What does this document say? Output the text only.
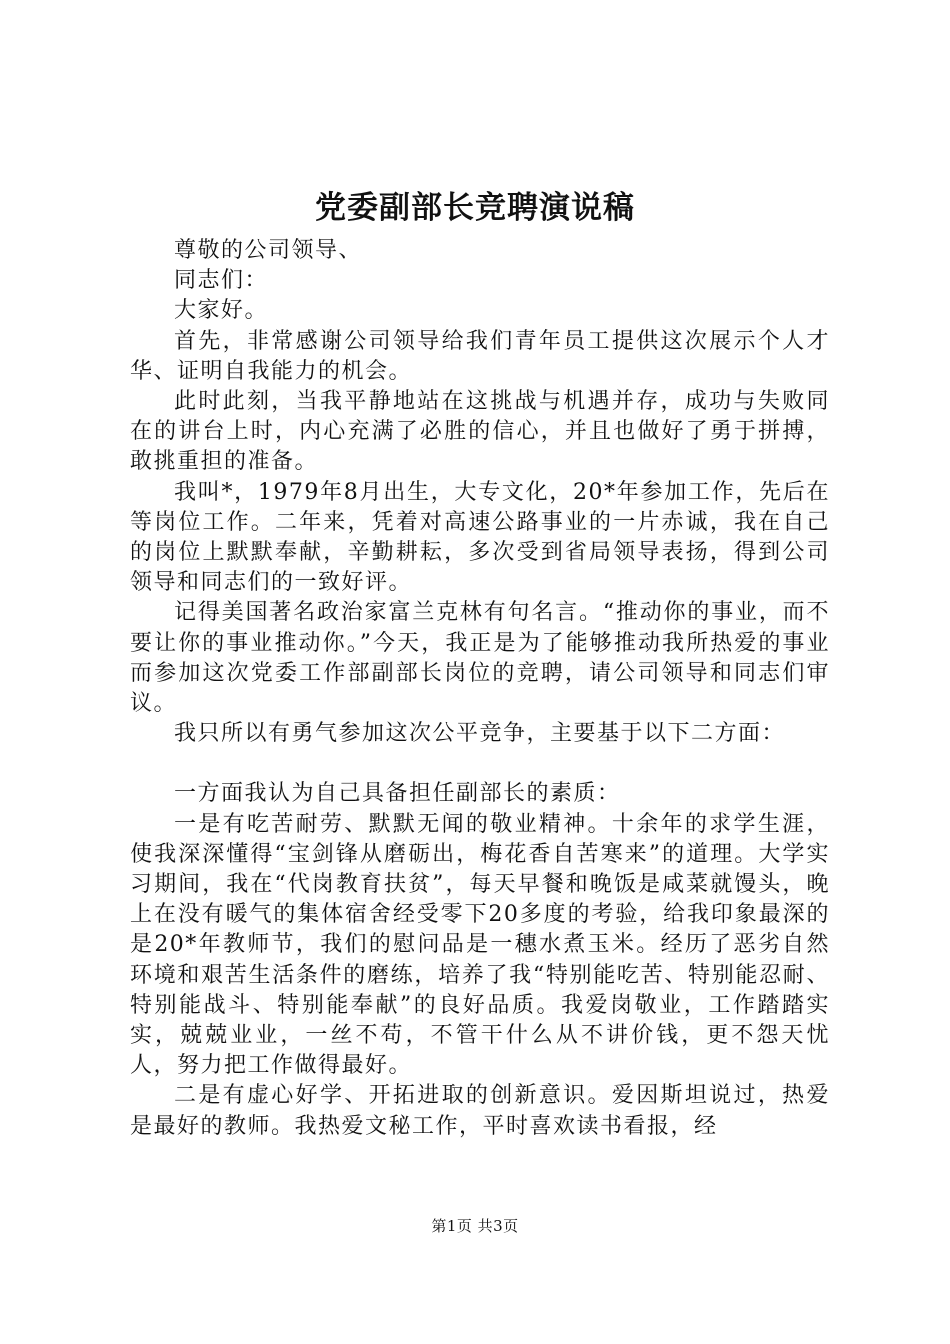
党委副部长竞聘演说稿

尊敬的公司领导、

同志们：

大家好。

首先，非常感谢公司领导给我们青年员工提供这次展示个人才华、证明自我能力的机会。

此时此刻，当我平静地站在这挑战与机遇并存，成功与失败同在的讲台上时，内心充满了必胜的信心，并且也做好了勇于拼搏，敢挑重担的准备。

我叫*，1979年8月出生，大专文化，20*年参加工作，先后在等岗位工作。二年来，凭着对高速公路事业的一片赤诚，我在自己的岗位上默默奉献，辛勤耕耘，多次受到省局领导表扬，得到公司领导和同志们的一致好评。

记得美国著名政治家富兰克林有句名言。“推动你的事业，而不要让你的事业推动你。”今天，我正是为了能够推动我所热爱的事业而参加这次党委工作部副部长岗位的竞聘，请公司领导和同志们审议。

我只所以有勇气参加这次公平竞争，主要基于以下二方面：

一方面我认为自己具备担任副部长的素质：

一是有吃苦耐劳、默默无闻的敬业精神。十余年的求学生涯，使我深深懂得“宝剑锋从磨砺出，梅花香自苦寒来”的道理。大学实习期间，我在“代岗教育扶贫”，每天早餐和晚饭是咸菜就馒头，晚上在没有暖气的集体宿舍经受零下20多度的考验，给我印象最深的是20*年教师节，我们的慰问品是一穗水煮玉米。经历了恶劣自然环境和艰苦生活条件的磨练，培养了我“特别能吃苦、特别能忍耐、特别能战斗、特别能奉献”的良好品质。我爱岗敬业，工作踏踏实实，兢兢业业，一丝不苟，不管干什么从不讲价钱，更不怨天忧人，努力把工作做得最好。

二是有虚心好学、开拓进取的创新意识。爱因斯坦说过，热爱是最好的教师。我热爱文秘工作，平时喜欢读书看报，经

第1页 共3页
